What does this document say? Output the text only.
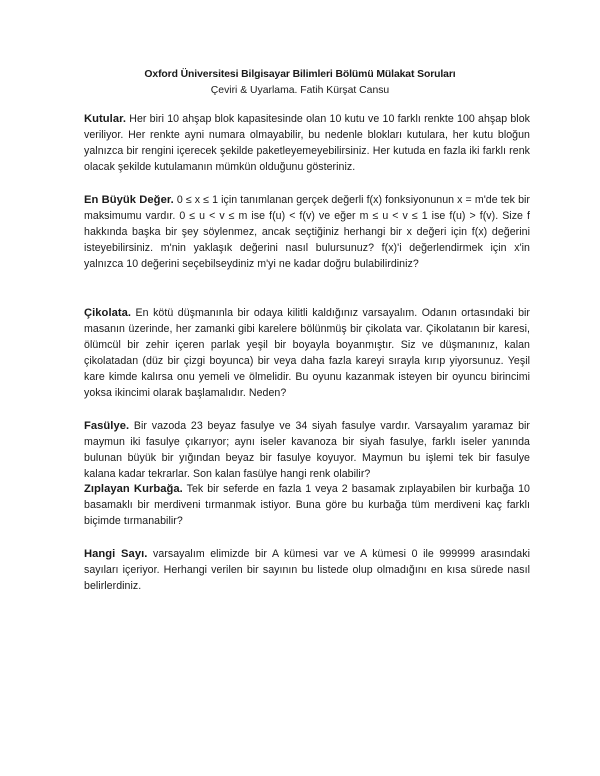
Oxford Üniversitesi Bilgisayar Bilimleri Bölümü Mülakat Soruları
Çeviri & Uyarlama. Fatih Kürşat Cansu

Kutular. Her biri 10 ahşap blok kapasitesinde olan 10 kutu ve 10 farklı renkte 100 ahşap blok veriliyor. Her renkte ayni numara olmayabilir, bu nedenle blokları kutulara, her kutu bloğun yalnızca bir rengini içerecek şekilde paketleyemeyebilirsiniz. Her kutuda en fazla iki farklı renk olacak şekilde kutulamanın mümkün olduğunu gösteriniz.

En Büyük Değer. 0 ≤ x ≤ 1 için tanımlanan gerçek değerli f(x) fonksiyonunun x = m'de tek bir maksimumu vardır. 0 ≤ u < v ≤ m ise f(u) < f(v) ve eğer m ≤ u < v ≤ 1 ise f(u) > f(v). Size f hakkında başka bir şey söylenmez, ancak seçtiğiniz herhangi bir x değeri için f(x) değerini isteyebilirsiniz. m'nin yaklaşık değerini nasıl bulursunuz? f(x)'i değerlendirmek için x'in yalnızca 10 değerini seçebilseydiniz m'yi ne kadar doğru bulabilirdiniz?

Çikolata. En kötü düşmanınla bir odaya kilitli kaldığınız varsayalım. Odanın ortasındaki bir masanın üzerinde, her zamanki gibi karelere bölünmüş bir çikolata var. Çikolatanın bir karesi, ölümcül bir zehir içeren parlak yeşil bir boyayla boyanmıştır. Siz ve düşmanınız, kalan çikolatadan (düz bir çizgi boyunca) bir veya daha fazla kareyi sırayla kırıp yiyorsunuz. Yeşil kare kimde kalırsa onu yemeli ve ölmelidir. Bu oyunu kazanmak isteyen bir oyuncu birincimi yoksa ikincimi olarak başlamalıdır. Neden?

Fasülye. Bir vazoda 23 beyaz fasulye ve 34 siyah fasulye vardır. Varsayalım yaramaz bir maymun iki fasulye çıkarıyor; aynı iseler kavanoza bir siyah fasulye, farklı iseler yanında bulunan büyük bir yığından beyaz bir fasulye koyuyor. Maymun bu işlemi tek bir fasulye kalana kadar tekrarlar. Son kalan fasülye hangi renk olabilir?

Zıplayan Kurbağa. Tek bir seferde en fazla 1 veya 2 basamak zıplayabilen bir kurbağa 10 basamaklı bir merdiveni tırmanmak istiyor. Buna göre bu kurbağa tüm merdiveni kaç farklı biçimde tırmanabilir?

Hangi Sayı. varsayalım elimizde bir A kümesi var ve A kümesi 0 ile 999999 arasındaki sayıları içeriyor. Herhangi verilen bir sayının bu listede olup olmadığını en kısa sürede nasıl belirlerdiniz.
